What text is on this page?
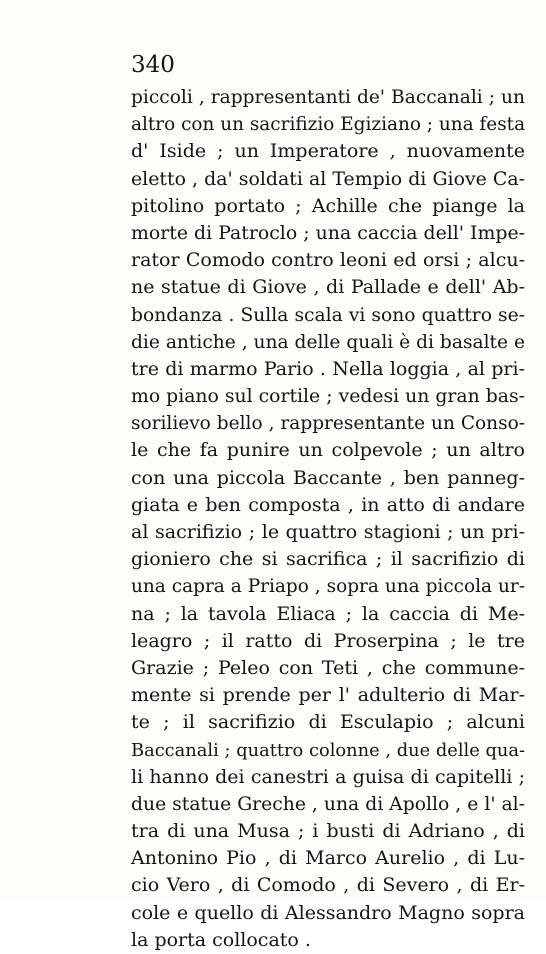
340
piccoli , rappresentanti de' Baccanali ; un
altro con un sacrifizio Egiziano ; una festa
d' Iside ; un Imperatore , nuovamente
eletto , da' soldati al Tempio di Giove Ca-
pitolino portato ; Achille che piange la
morte di Patroclo ; una caccia dell' Impe-
rator Comodo contro leoni ed orsi ; alcu-
ne statue di Giove , di Pallade e dell' Ab-
bondanza . Sulla scala vi sono quattro se-
die antiche , una delle quali è di basalte e
tre di marmo Pario . Nella loggia , al pri-
mo piano sul cortile ; vedesi un gran bas-
sorilievo bello , rappresentante un Conso-
le che fa punire un colpevole ; un altro
con una piccola Baccante , ben panneg-
giata e ben composta , in atto di andare
al sacrifizio ; le quattro stagioni ; un pri-
gioniero che si sacrifica ; il sacrifizio di
una capra a Priapo , sopra una piccola ur-
na ; la tavola Eliaca ; la caccia di Me-
leagro ; il ratto di Proserpina ; le tre
Grazie ; Peleo con Teti , che commune-
mente si prende per l' adulterio di Mar-
te ; il sacrifizio di Esculapio ; alcuni
Baccanali ; quattro colonne , due delle qua-
li hanno dei canestri a guisa di capitelli ;
due statue Greche , una di Apollo , e l' al-
tra di una Musa ; i busti di Adriano , di
Antonino Pio , di Marco Aurelio , di Lu-
cio Vero , di Comodo , di Severo , di Er-
cole e quello di Alessandro Magno sopra
la porta collocato .
